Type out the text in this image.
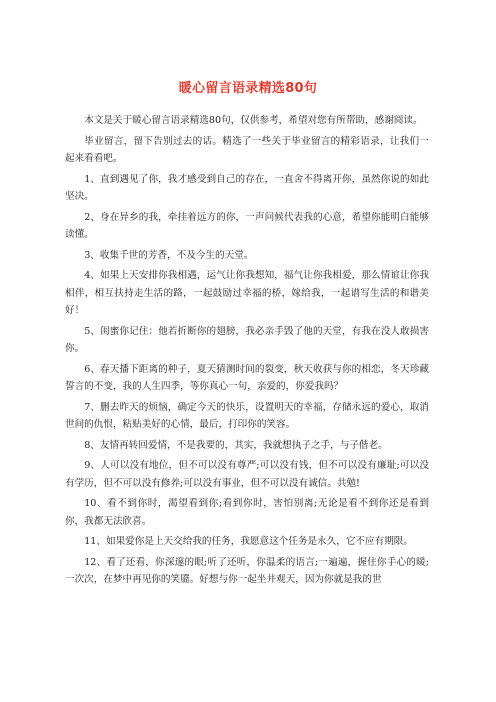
暖心留言语录精选80句

本文是关于暖心留言语录精选80句，仅供参考，希望对您有所帮助，感谢阅读。

毕业留言，留下告别过去的话。精选了一些关于毕业留言的精彩语录，让我们一起来看看吧。

1、直到遇见了你，我才感受到自己的存在，一直舍不得离开你，虽然你说的如此坚决。

2、身在异乡的我，牵挂着远方的你，一声问候代表我的心意，希望你能明白能够读懂。

3、收集千世的芳香，不及今生的天堂。

4、如果上天安排你我相遇，运气让你我想知，福气让你我相爱，那么情谊让你我相伴，相互扶持走生活的路，一起鼓励过幸福的桥，嫁给我，一起谱写生活的和谐美好！

5、闺蜜你记住：他若折断你的翅膀，我必亲手毁了他的天堂，有我在没人敢损害你。

6、春天播下距离的种子，夏天猜测时间的裂变，秋天收获与你的相恋，冬天珍藏誓言的不变，我的人生四季，等你真心一句，亲爱的，你爱我吗？

7、删去昨天的烦恼，确定今天的快乐，设置明天的幸福，存储永远的爱心，取消世间的仇恨，粘贴美好的心情，最后，打印你的笑容。

8、友情再转回爱情，不是我要的，其实，我就想执子之手，与子偕老。

9、人可以没有地位，但不可以没有尊严;可以没有钱，但不可以没有廉耻;可以没有学历，但不可以没有修养;可以没有事业，但不可以没有诚信。共勉!

10、看不到你时，渴望看到你;看到你时，害怕别离;无论是看不到你还是看到你，我都无法欣喜。

11、如果爱你是上天交给我的任务，我愿意这个任务是永久，它不应有期限。

12、看了还看，你深邃的眼;听了还听，你温柔的语言;一遍遍，握住你手心的暖;一次次，在梦中再见你的笑靥。好想与你一起坐井观天，因为你就是我的世
